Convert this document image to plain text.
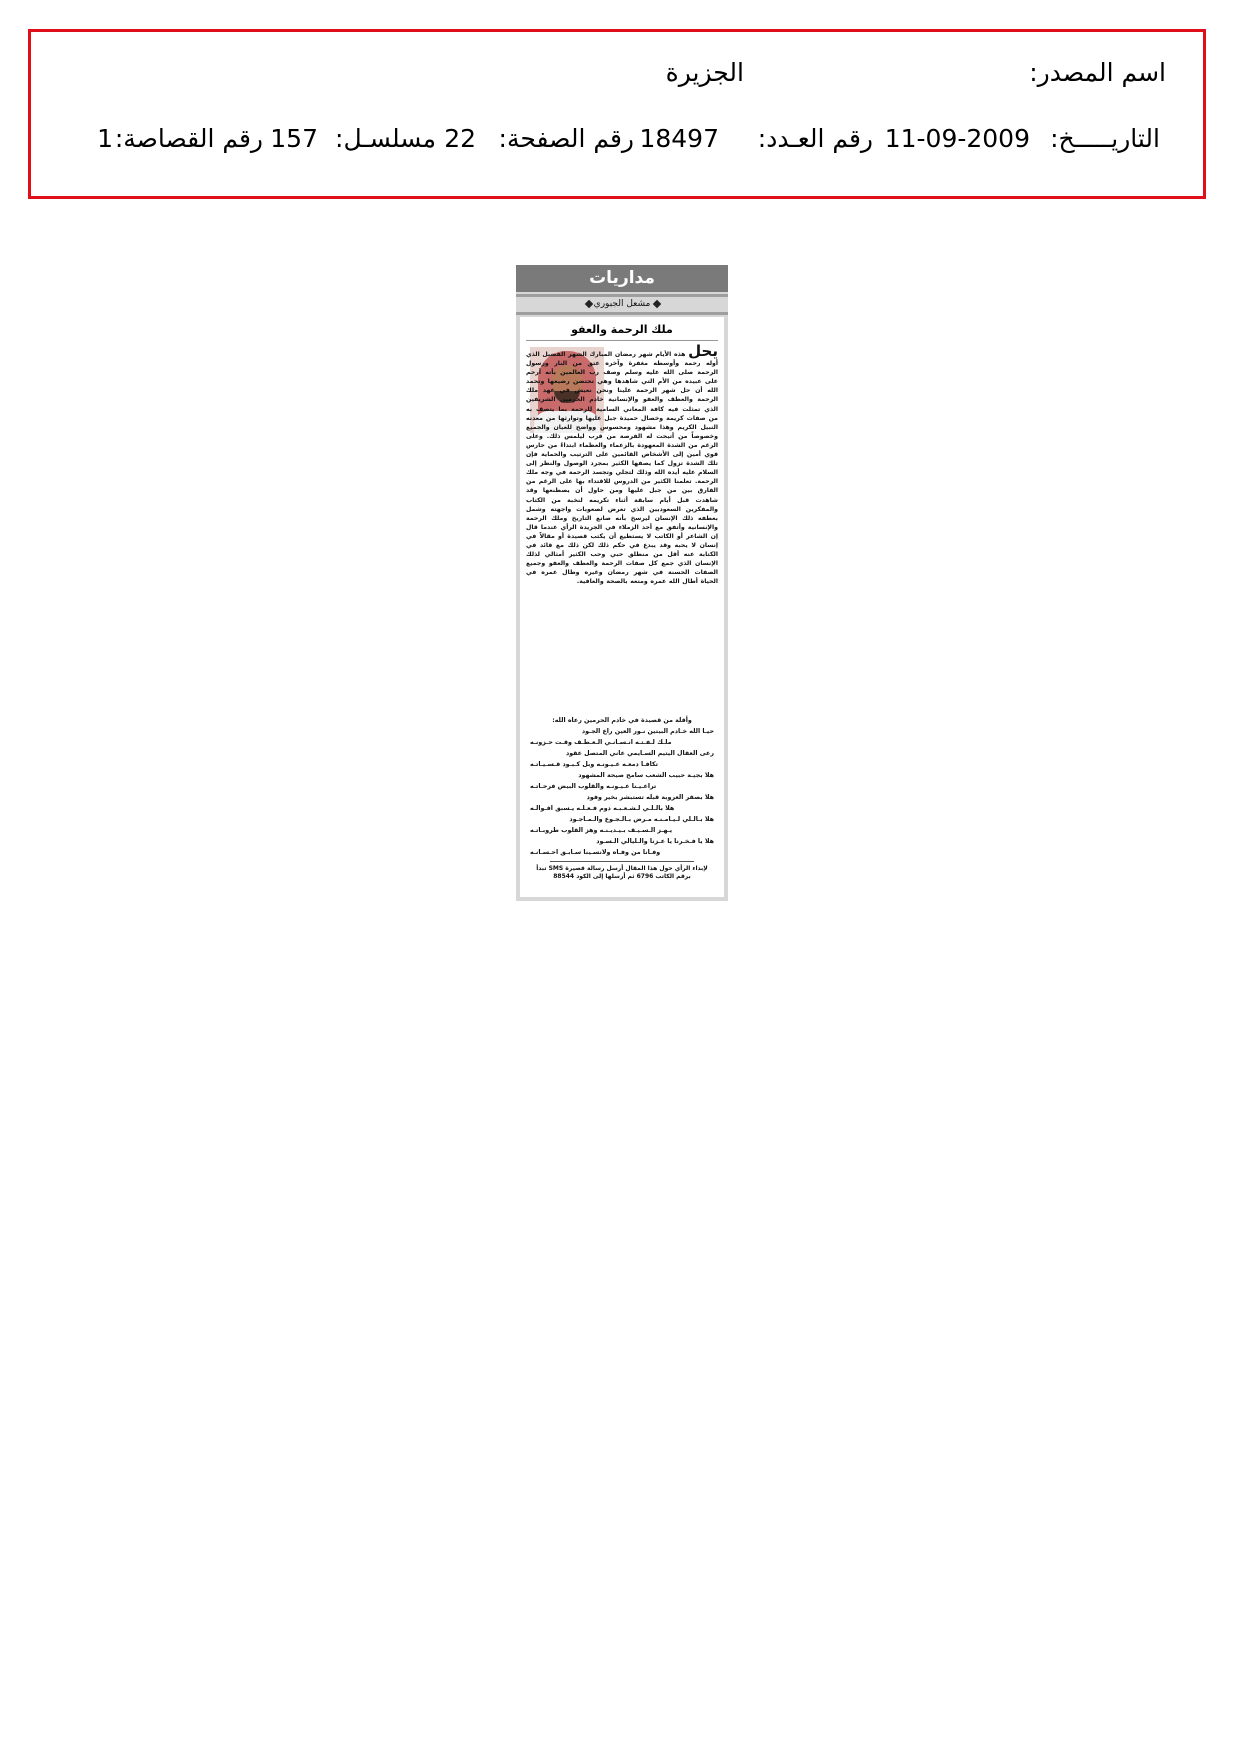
اسم المصدر:
الجزيرة
التاريـــــخ:
11-09-2009
رقم العـدد:
18497
رقم الصفحة:
22
مسلسـل:
157
رقم القصاصة:
1
مداريات
مشعل الجبوري
ملك الرحمة والعفو
يحل هذه الأيام شهر رمضان المبارك الشهر الفضيل الذي أوله رحمة وأوسطه مغفرة وآخره عتق من النار ورسول الرحمة صلى الله عليه وسلم وصف رب العالمين بأنه أرحم على عبيده من الأم التي شاهدها وهي تحتضن رضيعها وتحمد الله أن حل شهر الرحمة علينا ونحن نعيش في عهد ملك الرحمة والعطف والعفو والإنسانية خادم الحرمين الشريفين الذي تمثلت فيه كافة المعاني السامية للرحمة بما يتصف به من صفات كريمة وخصال حميدة جبل عليها وتوارثها من معدنه النبيل الكريم وهذا مشهود ومحسوس وواضح للعيان والجميع وخصوصاً من أتيحت له الفرصة من قرب ليلمس ذلك. وعلى الرغم من الشدة المعهودة بالزعماء والعظماء ابتداءً من حارس قوي أمين إلى الأشخاص القائمين على الترتيب والحماية فإن تلك الشدة تزول كما يصفها الكثير بمجرد الوصول والنظر إلى السلام عليه أيده الله وذلك لتجلي وتجسد الرحمة في وجه ملك الرحمة. تعلمنا الكثير من الدروس للاقتداء بها على الرغم من الفارق بين من جبل عليها ومن حاول أن يصطنعها وقد شاهدت قبل أيام سابقة أثناء تكريمه لنخبة من الكتاب والمفكرين السعوديين الذي تعرض لصعوبات واجهته وشمل بعطفه ذلك الإنسان ليرسخ بأنه صانع التاريخ وملك الرحمة والإنسانية وأتفق مع أحد الزملاء في الجريدة الرأي عندما قال إن الشاعر أو الكاتب لا يستطيع أن يكتب قصيدة أو مقالاً في إنسان لا يحبه وقد يبدع في حكم ذلك لكن ذلك مع قائد في الكتابة عنه أقل من منطلق حبي وحب الكثير أمثالي لذلك الإنسان الذي جمع كل صفات الرحمة والعطف والعفو وجميع الصفات الحسنة في شهر رمضان وغيره وطال عمره في الحياة أطال الله عمره ومتعه بالصحة والعافية.
وأقلة من قصيدة في خادم الحرمين رعاه الله:
حيـا الله خـادم البيتين نـور العين راع الجـود
ملـك لـفـتـه انـسـانـي الـعـطـف وقـت حـزونـه
رعى العقال اليتيم السـايمي عاني المتصل عقود
تكافـا دمعـه عـيـونـه وبل كـبـود قـسـيـاتـه
هلا بجيـة حبيب الشعب سامح صيحة المشهود
تراعـيـنا عـيـونـه والقلوب البيض فرحـاتـه
هلا بصقر العروبة قبله تستبشر بخير وفود
هلا بالـلـي لـشـعـبـه دوم فـعـلـه يـسبق اقـوالـه
هلا بـالـلي لـيـامـنـه مـرض بـالـجـوع والـمـاجـود
يـهـز الـسـيـف بـيـديـنـه وهز القلوب طروبـاتـه
هلا يا فـخـرنا يا عـزنا والـليالي الـسـود
وفـانا من وفـاه ولانسـينا سـابـق احـسـانـه
لإبداء الرأي حول هذا المقال أرسل رسالة قصيرة SMS تبدأ برقم الكاتب 6796 ثم أرسلها إلى الكود 88544
